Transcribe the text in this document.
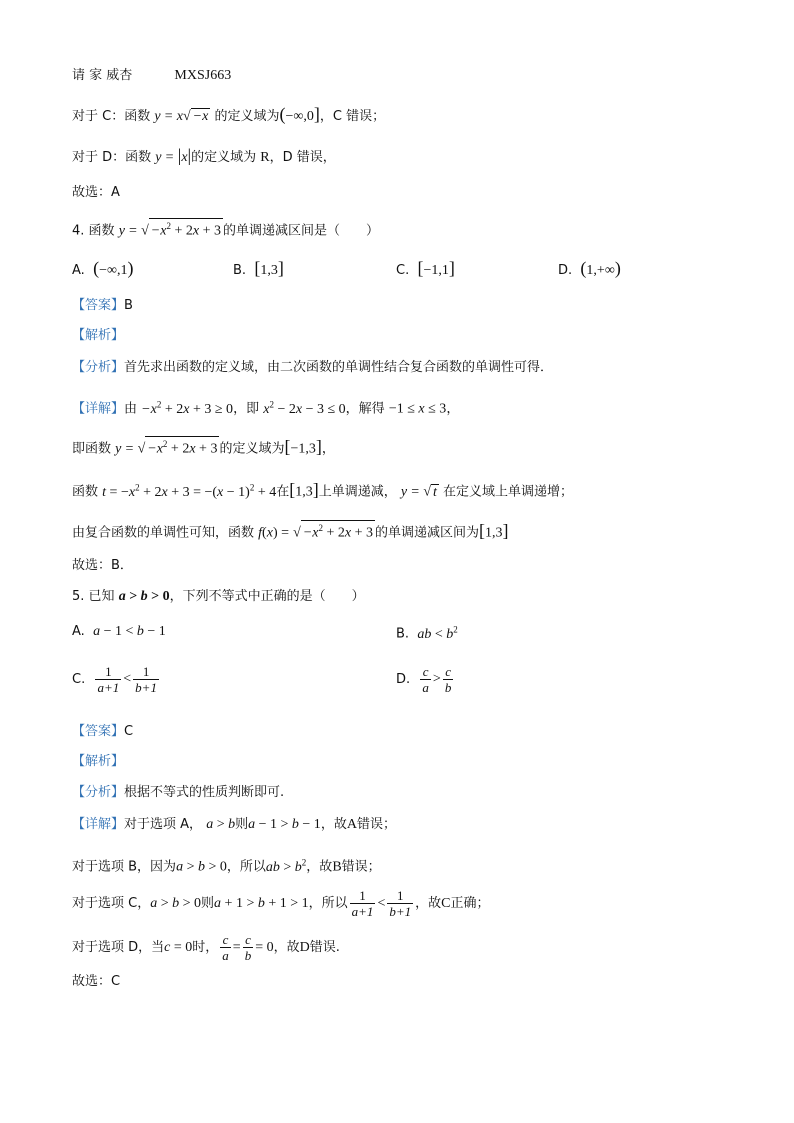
请 家 威杏	MXSJ663
对于 C：函数 y = x√ −x 的定义域为(−∞,0]，C 错误；
对于 D：函数 y = |x|的定义域为 R，D 错误，
故选：A
4. 函数 y = √ $-x^2 + 2x + 3$ 的单调递减区间是（　　）
A. (−∞,1)	B. [1,3]	C. [−1,1]	D. (1,+∞)
【答案】B
【解析】
【分析】首先求出函数的定义域，由二次函数的单调性结合复合函数的单调性可得．
【详解】由 $-x^2 + 2x + 3 \ge 0$，即 $x^2 - 2x - 3 \le 0$，解得 −1 ≤ x ≤ 3，
即函数 y = √ $-x^2 + 2x + 3$ 的定义域为[−1,3]，
函数 $t = -x^2 + 2x + 3 = -(x - 1)^2 + 4$在[1,3]上单调递减， y = √ t 在定义域上单调递增；
由复合函数的单调性可知，函数 f(x) = √ $-x^2 + 2x + 3$ 的单调递减区间为[1,3]
故选：B．
5. 已知 a > b > 0，下列不等式中正确的是（　　）
A. a − 1 < b − 1	B. ab < $b^2$
C. $\frac{1}{a+1} < \frac{1}{b+1}$	D. $\frac{c}{a} > \frac{c}{b}$
【答案】C
【解析】
【分析】根据不等式的性质判断即可.
【详解】对于选项 A， a > b则a − 1 > b − 1，故A错误；
对于选项 B，因为a > b > 0，所以ab > $b^2$，故B错误；
对于选项 C，a > b > 0则a + 1 > b + 1 > 1，所以 $\frac{1}{a+1} < \frac{1}{b+1}$ ，故C正确；
对于选项 D，当c = 0时， $\frac{c}{a} = \frac{c}{b} = 0$，故D错误.
故选：C
